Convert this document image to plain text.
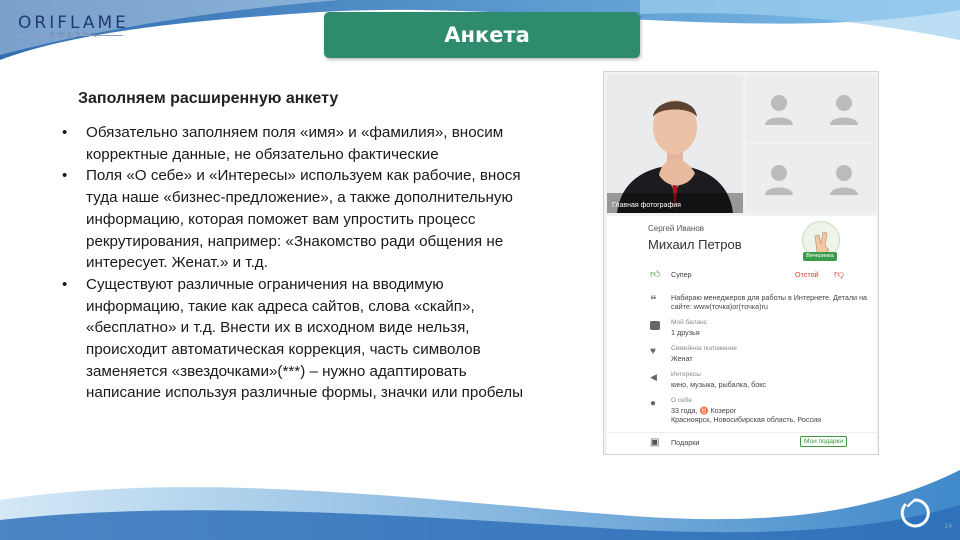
ORIFLAME	Анкета
Заполняем расширенную анкету
• Обязательно заполняем поля «имя» и «фамилия», вносим корректные данные, не обязательно фактические
• Поля «О себе» и «Интересы» используем как рабочие, внося туда наше «бизнес-предложение», а также дополнительную информацию, которая поможет вам упростить процесс рекрутирования, например: «Знакомство ради общения не интересует. Женат.» и т.д.
• Существуют различные ограничения на вводимую информацию, такие как адреса сайтов, слова «скайп», «бесплатно» и т.д. Внести их в исходном виде нельзя, происходит автоматическая коррекция, часть символов заменяется «звездочками»(***) – нужно адаптировать написание используя различные формы, значки или пробелы
Главная фотография
Сергей Иванов
Михаил Петров
Вечеринка
👍︎ Супер	Отстой 👎︎
❝	Набираю менеджеров для работы в Интернете. Детали на сайте: www(точка)or(точка)ru
Мой баланс
1 друзья
♥	Семейное положение
Женат
◀	Интересы
кино, музыка, рыбалка, бокс
●	О себе
33 года, ♉ Козерог
Красноярск, Новосибирская область, Россия
▣	Подарки	Мои подарки
14
